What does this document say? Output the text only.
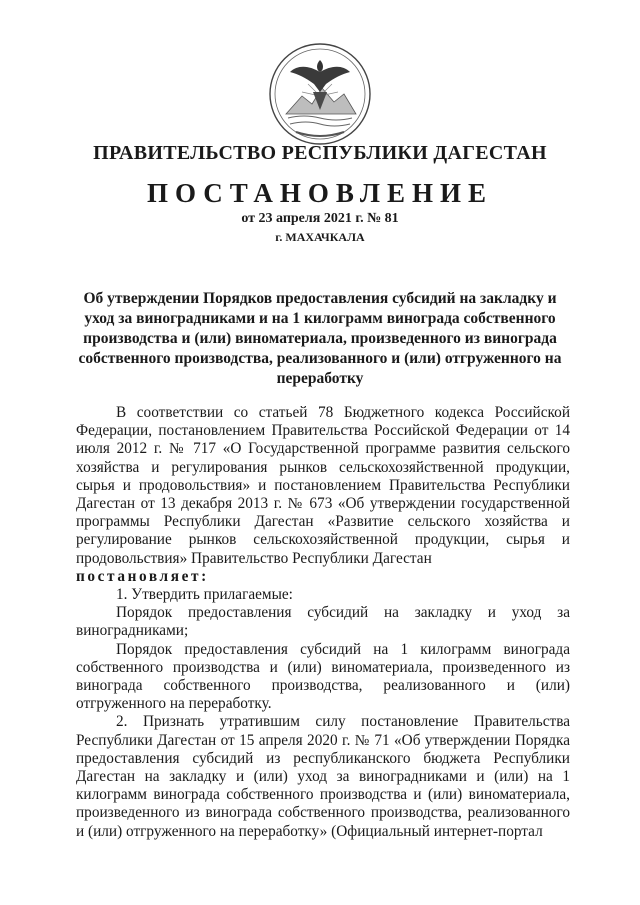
ПРАВИТЕЛЬСТВО РЕСПУБЛИКИ ДАГЕСТАН
ПОСТАНОВЛЕНИЕ
от 23 апреля 2021 г. № 81
г. МАХАЧКАЛА
Об утверждении Порядков предоставления субсидий на закладку и уход за виноградниками и на 1 килограмм винограда собственного производства и (или) виноматериала, произведенного из винограда собственного производства, реализованного и (или) отгруженного на переработку

В соответствии со статьей 78 Бюджетного кодекса Российской Федерации, постановлением Правительства Российской Федерации от 14 июля 2012 г. № 717 «О Государственной программе развития сельского хозяйства и регулирования рынков сельскохозяйственной продукции, сырья и продовольствия» и постановлением Правительства Республики Дагестан от 13 декабря 2013 г. № 673 «Об утверждении государственной программы Республики Дагестан «Развитие сельского хозяйства и регулирование рынков сельскохозяйственной продукции, сырья и продовольствия» Правительство Республики Дагестан

постановляет:

1. Утвердить прилагаемые:

Порядок предоставления субсидий на закладку и уход за виноградниками;

Порядок предоставления субсидий на 1 килограмм винограда собственного производства и (или) виноматериала, произведенного из винограда собственного производства, реализованного и (или) отгруженного на переработку.

2. Признать утратившим силу постановление Правительства Республики Дагестан от 15 апреля 2020 г. № 71 «Об утверждении Порядка предоставления субсидий из республиканского бюджета Республики Дагестан на закладку и (или) уход за виноградниками и (или) на 1 килограмм винограда собственного производства и (или) виноматериала, произведенного из винограда собственного производства, реализованного и (или) отгруженного на переработку» (Официальный интернет-портал
